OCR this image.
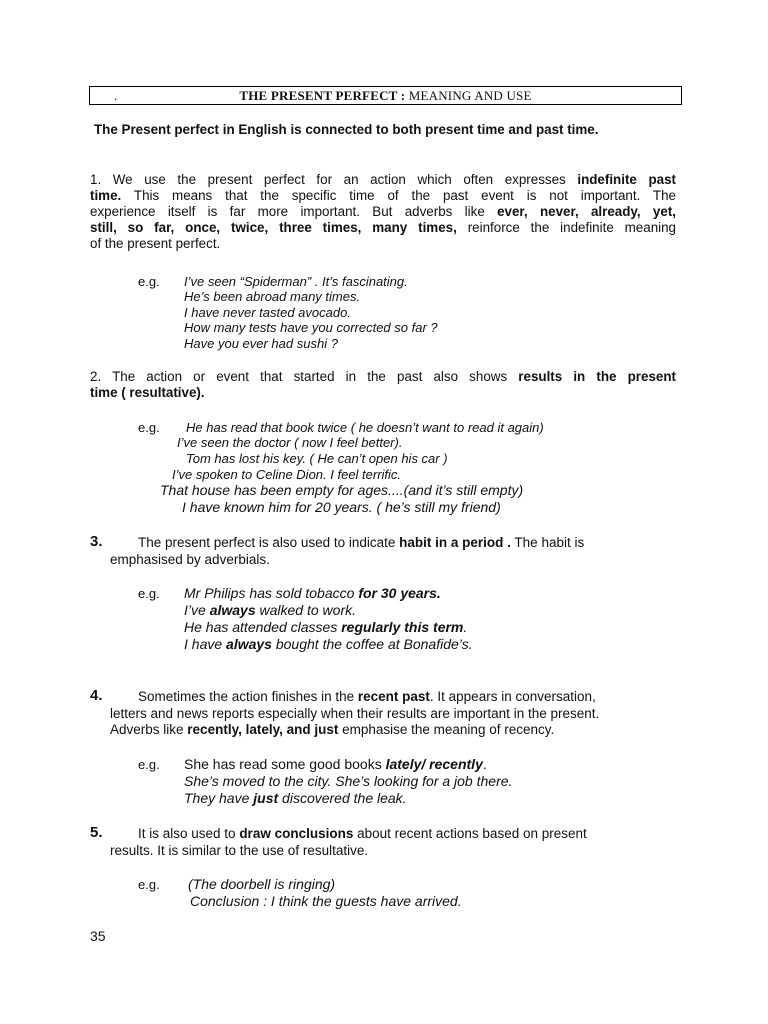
.	THE PRESENT PERFECT : MEANING AND USE
The Present perfect in English is connected to both present time and past time.
1. We use the present perfect for an action which often expresses indefinite past
time. This means that the specific time of the past event is not important. The
experience itself is far more important. But adverbs like ever, never, already, yet,
still, so far, once, twice, three times, many times, reinforce the indefinite meaning
of the present perfect.
e.g. I’ve seen “Spiderman” . It’s fascinating.
He’s been abroad many times.
I have never tasted avocado.
How many tests have you corrected so far ?
Have you ever had sushi ?
2. The action or event that started in the past also shows results in the present
time ( resultative).
e.g. He has read that book twice ( he doesn’t want to read it again)
I’ve seen the doctor ( now I feel better).
Tom has lost his key. ( He can’t open his car )
I’ve spoken to Celine Dion. I feel terrific.
That house has been empty for ages....(and it’s still empty)
I have known him for 20 years. ( he’s still my friend)
3.	The present perfect is also used to indicate habit in a period . The habit is
emphasised by adverbials.
e.g. Mr Philips has sold tobacco for 30 years.
I’ve always walked to work.
He has attended classes regularly this term.
I have always bought the coffee at Bonafide’s.
4.	Sometimes the action finishes in the recent past. It appears in conversation,
letters and news reports especially when their results are important in the present.
Adverbs like recently, lately, and just emphasise the meaning of recency.
e.g. She has read some good books lately/ recently.
She’s moved to the city. She’s looking for a job there.
They have just discovered the leak.
5.	It is also used to draw conclusions about recent actions based on present
results. It is similar to the use of resultative.
e.g. (The doorbell is ringing)
Conclusion : I think the guests have arrived.
35
